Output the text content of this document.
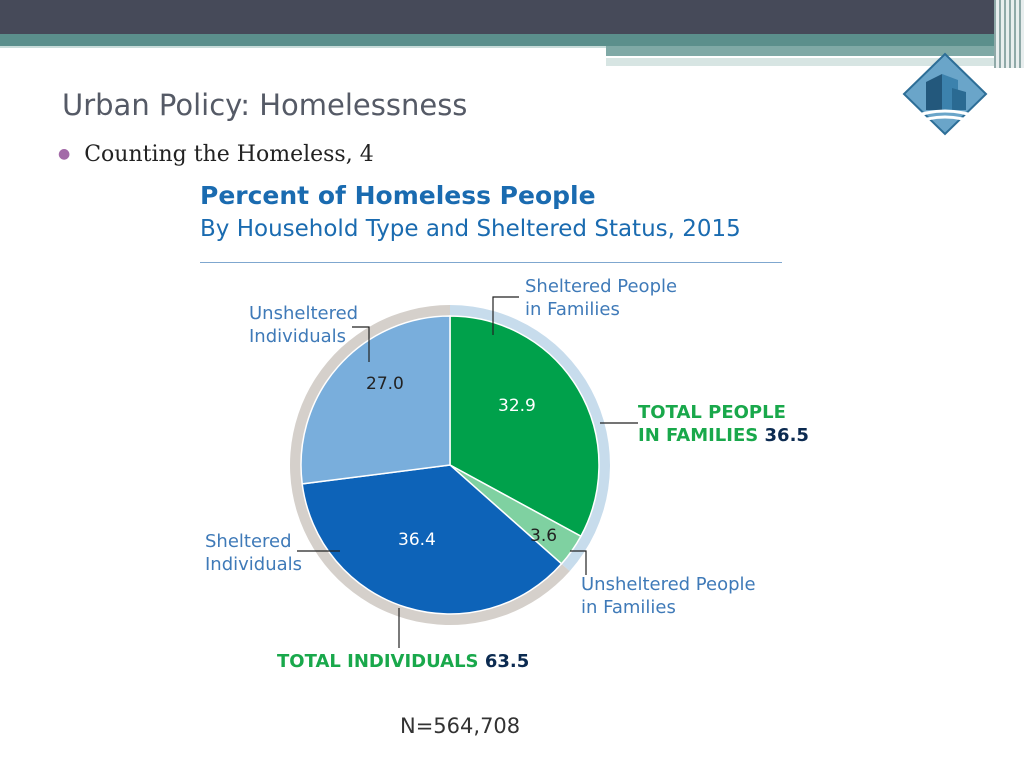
Urban Policy: Homelessness
● Counting the Homeless, 4
Percent of Homeless People
By Household Type and Sheltered Status, 2015
27.0
32.9
36.4	3.6
Unsheltered
Individuals
Sheltered People
in Families
TOTAL PEOPLE
IN FAMILIES 36.5
Sheltered
Individuals
Unsheltered People
in Families
TOTAL INDIVIDUALS 63.5
N=564,708
